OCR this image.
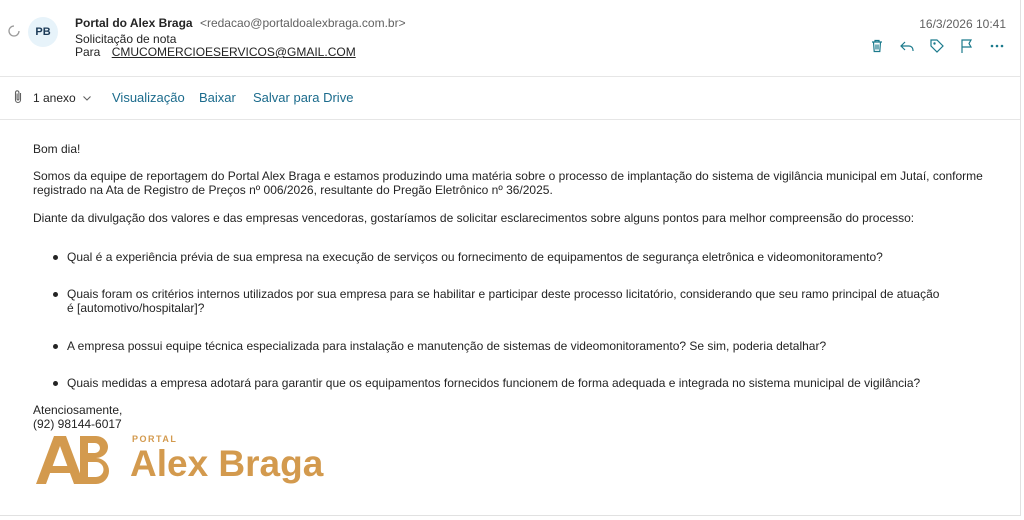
PB
Portal do Alex Braga <redacao@portaldoalexbraga.com.br>
Solicitação de nota
Para CMUCOMERCIOESERVICOS@GMAIL.COM
16/3/2026 10:41
1 anexo	Visualização Baixar Salvar para Drive

Bom dia!

Somos da equipe de reportagem do Portal Alex Braga e estamos produzindo uma matéria sobre o processo de implantação do sistema de vigilância municipal em Jutaí, conforme registrado na Ata de Registro de Preços nº 006/2026, resultante do Pregão Eletrônico nº 36/2025.

Diante da divulgação dos valores e das empresas vencedoras, gostaríamos de solicitar esclarecimentos sobre alguns pontos para melhor compreensão do processo:

Qual é a experiência prévia de sua empresa na execução de serviços ou fornecimento de equipamentos de segurança eletrônica e videomonitoramento?
Quais foram os critérios internos utilizados por sua empresa para se habilitar e participar deste processo licitatório, considerando que seu ramo principal de atuação é [automotivo/hospitalar]?
A empresa possui equipe técnica especializada para instalação e manutenção de sistemas de videomonitoramento? Se sim, poderia detalhar?
Quais medidas a empresa adotará para garantir que os equipamentos fornecidos funcionem de forma adequada e integrada no sistema municipal de vigilância?

Atenciosamente,

(92) 98144-6017

PORTAL
Alex Braga
